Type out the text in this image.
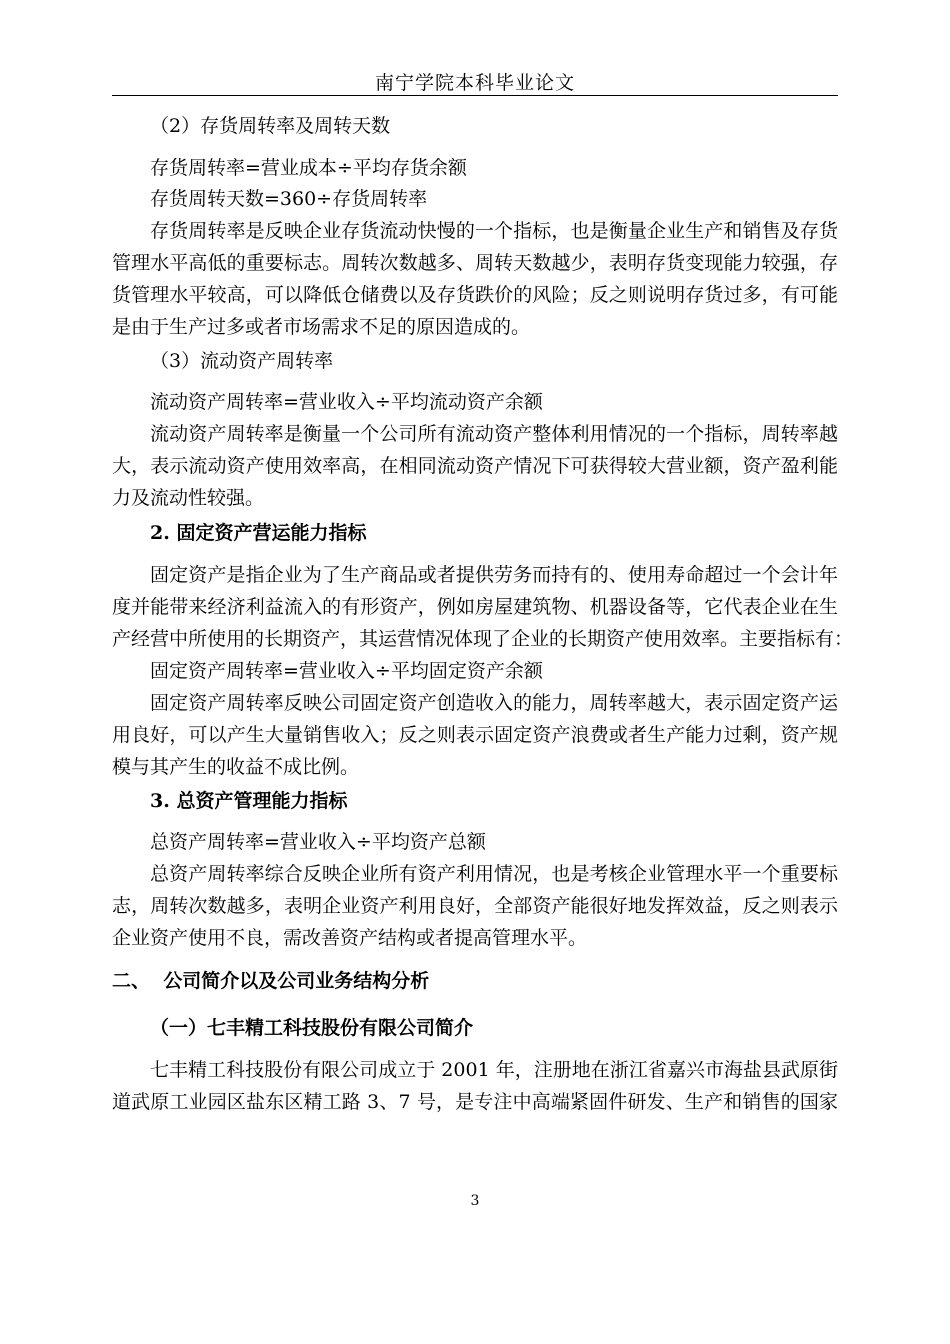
南宁学院本科毕业论文
（2）存货周转率及周转天数
存货周转率=营业成本÷平均存货余额
存货周转天数=360÷存货周转率
存货周转率是反映企业存货流动快慢的一个指标，也是衡量企业生产和销售及存货
管理水平高低的重要标志。周转次数越多、周转天数越少，表明存货变现能力较强，存
货管理水平较高，可以降低仓储费以及存货跌价的风险；反之则说明存货过多，有可能
是由于生产过多或者市场需求不足的原因造成的。
（3）流动资产周转率
流动资产周转率=营业收入÷平均流动资产余额
流动资产周转率是衡量一个公司所有流动资产整体利用情况的一个指标，周转率越
大，表示流动资产使用效率高，在相同流动资产情况下可获得较大营业额，资产盈利能
力及流动性较强。
2. 固定资产营运能力指标
固定资产是指企业为了生产商品或者提供劳务而持有的、使用寿命超过一个会计年
度并能带来经济利益流入的有形资产，例如房屋建筑物、机器设备等，它代表企业在生
产经营中所使用的长期资产，其运营情况体现了企业的长期资产使用效率。主要指标有：
固定资产周转率=营业收入÷平均固定资产余额
固定资产周转率反映公司固定资产创造收入的能力，周转率越大，表示固定资产运
用良好，可以产生大量销售收入；反之则表示固定资产浪费或者生产能力过剩，资产规
模与其产生的收益不成比例。
3. 总资产管理能力指标
总资产周转率=营业收入÷平均资产总额
总资产周转率综合反映企业所有资产利用情况，也是考核企业管理水平一个重要标
志，周转次数越多，表明企业资产利用良好，全部资产能很好地发挥效益，反之则表示
企业资产使用不良，需改善资产结构或者提高管理水平。
二、  公司简介以及公司业务结构分析
（一）七丰精工科技股份有限公司简介
七丰精工科技股份有限公司成立于 2001 年，注册地在浙江省嘉兴市海盐县武原街
道武原工业园区盐东区精工路 3、7 号，是专注中高端紧固件研发、生产和销售的国家
3
